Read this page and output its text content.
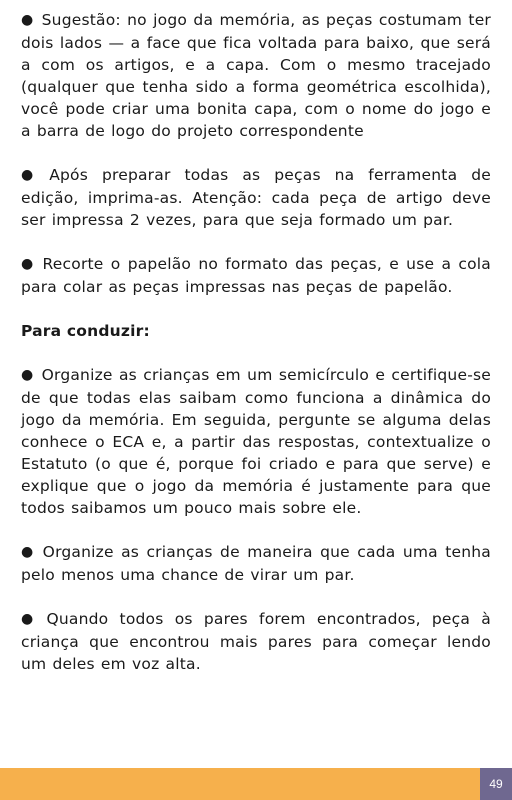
● Sugestão: no jogo da memória, as peças costumam ter dois lados — a face que fica voltada para baixo, que será a com os artigos, e a capa. Com o mesmo tracejado (qualquer que tenha sido a forma geométrica escolhida), você pode criar uma bonita capa, com o nome do jogo e a barra de logo do projeto correspondente

● Após preparar todas as peças na ferramenta de edição, imprima-as. Atenção: cada peça de artigo deve ser impressa 2 vezes, para que seja formado um par.

● Recorte o papelão no formato das peças, e use a cola para colar as peças impressas nas peças de papelão.

Para conduzir:

● Organize as crianças em um semicírculo e certifique-se de que todas elas saibam como funciona a dinâmica do jogo da memória. Em seguida, pergunte se alguma delas conhece o ECA e, a partir das respostas, contextualize o Estatuto (o que é, porque foi criado e para que serve) e explique que o jogo da memória é justamente para que todos saibamos um pouco mais sobre ele.

● Organize as crianças de maneira que cada uma tenha pelo menos uma chance de virar um par.

● Quando todos os pares forem encontrados, peça à criança que encontrou mais pares para começar lendo um deles em voz alta.

49
